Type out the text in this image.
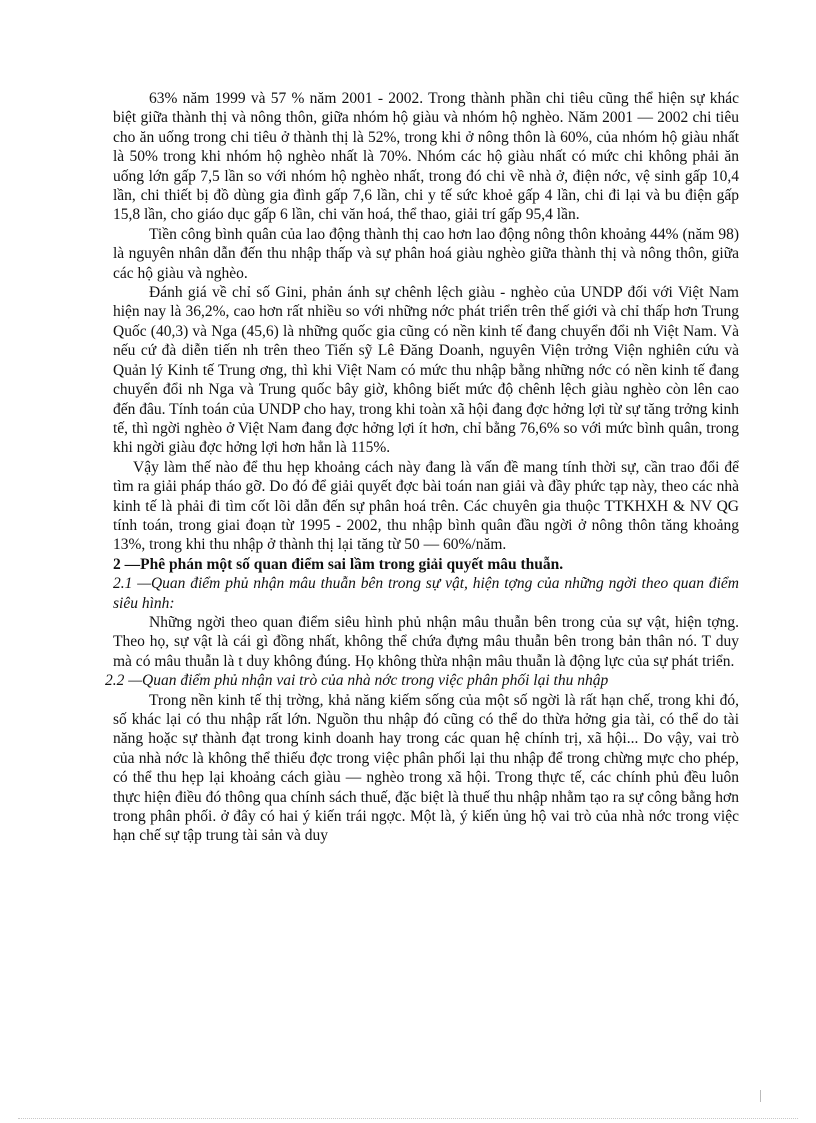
63% năm 1999 và 57 % năm 2001 - 2002. Trong thành phần chi tiêu cũng thể hiện sự khác biệt giữa thành thị và nông thôn, giữa nhóm hộ giàu và nhóm hộ nghèo. Năm 2001 — 2002 chi tiêu cho ăn uống trong chi tiêu ở thành thị là 52%, trong khi ở nông thôn là 60%, của nhóm hộ giàu nhất là 50% trong khi nhóm hộ nghèo nhất là 70%. Nhóm các hộ giàu nhất có mức chi không phải ăn uống lớn gấp 7,5 lần so với nhóm hộ nghèo nhất, trong đó chi về nhà ở, điện nớc, vệ sinh gấp 10,4 lần, chi thiết bị đồ dùng gia đình gấp 7,6 lần, chi y tế sức khoẻ gấp 4 lần, chi đi lại và bu điện gấp 15,8 lần, cho giáo dục gấp 6 lần, chi văn hoá, thể thao, giải trí gấp 95,4 lần.

Tiền công bình quân của lao động thành thị cao hơn lao động nông thôn khoảng 44% (năm 98) là nguyên nhân dẫn đến thu nhập thấp và sự phân hoá giàu nghèo giữa thành thị và nông thôn, giữa các hộ giàu và nghèo.

Đánh giá về chỉ số Gini, phản ánh sự chênh lệch giàu - nghèo của UNDP đối với Việt Nam hiện nay là 36,2%, cao hơn rất nhiều so với những nớc phát triển trên thế giới và chỉ thấp hơn Trung Quốc (40,3) và Nga (45,6) là những quốc gia cũng có nền kinh tế đang chuyển đổi nh Việt Nam. Và nếu cứ đà diễn tiến nh trên theo Tiến sỹ Lê Đăng Doanh, nguyên Viện trởng Viện nghiên cứu và Quản lý Kinh tế Trung ơng, thì khi Việt Nam có mức thu nhập bằng những nớc có nền kinh tế đang chuyển đổi nh Nga và Trung quốc bây giờ, không biết mức độ chênh lệch giàu nghèo còn lên cao đến đâu. Tính toán của UNDP cho hay, trong khi toàn xã hội đang đợc hởng lợi từ sự tăng trởng kinh tế, thì ngời nghèo ở Việt Nam đang đợc hởng lợi ít hơn, chỉ bằng 76,6% so với mức bình quân, trong khi ngời giàu đợc hởng lợi hơn hẳn là 115%.

Vậy làm thế nào để thu hẹp khoảng cách này đang là vấn đề mang tính thời sự, cần trao đổi để tìm ra giải pháp tháo gỡ. Do đó để giải quyết đợc bài toán nan giải và đầy phức tạp này, theo các nhà kinh tế là phải đi tìm cốt lõi dẫn đến sự phân hoá trên. Các chuyên gia thuộc TTKHXH & NV QG tính toán, trong giai đoạn từ 1995 - 2002, thu nhập bình quân đầu ngời ở nông thôn tăng khoảng 13%, trong khi thu nhập ở thành thị lại tăng từ 50 — 60%/năm.

2 —Phê phán một số quan điểm sai lầm trong giải quyết mâu thuẫn.

2.1 —Quan điểm phủ nhận mâu thuẫn bên trong sự vật, hiện tợng của những ngời theo quan điểm siêu hình:

Những ngời theo quan điểm siêu hình phủ nhận mâu thuẫn bên trong của sự vật, hiện tợng. Theo họ, sự vật là cái gì đồng nhất, không thể chứa đựng mâu thuẫn bên trong bản thân nó. T duy mà có mâu thuẫn là t duy không đúng. Họ không thừa nhận mâu thuẫn là động lực của sự phát triển.

2.2 —Quan điểm phủ nhận vai trò của nhà nớc trong việc phân phối lại thu nhập

Trong nền kinh tế thị trờng, khả năng kiếm sống của một số ngời là rất hạn chế, trong khi đó, số khác lại có thu nhập rất lớn. Nguồn thu nhập đó cũng có thể do thừa hởng gia tài, có thể do tài năng hoặc sự thành đạt trong kinh doanh hay trong các quan hệ chính trị, xã hội... Do vậy, vai trò của nhà nớc là không thể thiếu đợc trong việc phân phối lại thu nhập để trong chừng mực cho phép, có thể thu hẹp lại khoảng cách giàu — nghèo trong xã hội. Trong thực tế, các chính phủ đều luôn thực hiện điều đó thông qua chính sách thuế, đặc biệt là thuế thu nhập nhằm tạo ra sự công bằng hơn trong phân phối. ở đây có hai ý kiến trái ngợc. Một là, ý kiến ủng hộ vai trò của nhà nớc trong việc hạn chế sự tập trung tài sản và duy
